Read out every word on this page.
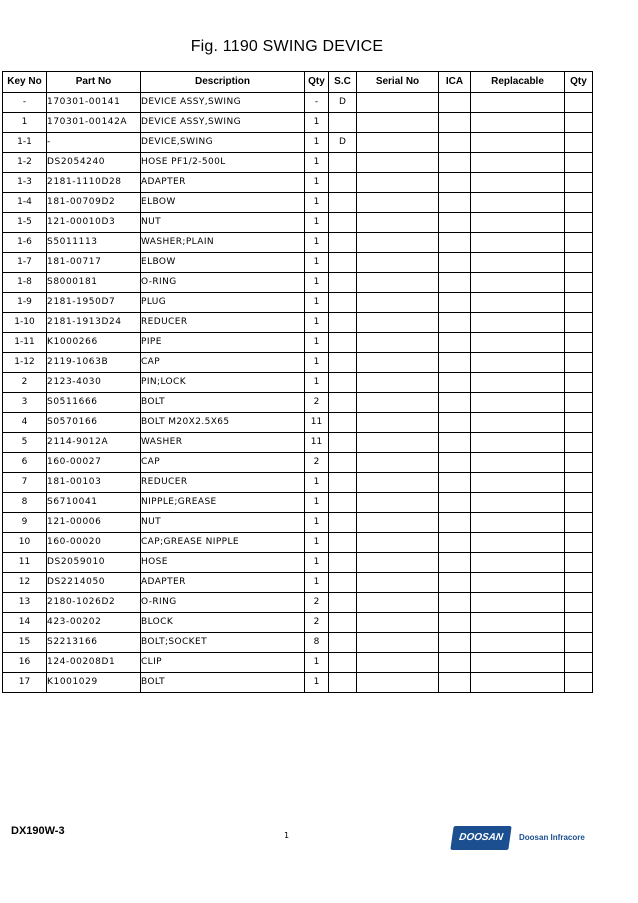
Fig. 1190 SWING DEVICE
Key No	Part No	Description	Qty	S.C	Serial No	ICA	Replacable	Qty
-	170301-00141	DEVICE ASSY,SWING	-	D				
1	170301-00142A	DEVICE ASSY,SWING	1					
1-1	-	DEVICE,SWING	1	D				
1-2	DS2054240	HOSE PF1/2-500L	1					
1-3	2181-1110D28	ADAPTER	1					
1-4	181-00709D2	ELBOW	1					
1-5	121-00010D3	NUT	1					
1-6	S5011113	WASHER;PLAIN	1					
1-7	181-00717	ELBOW	1					
1-8	S8000181	O-RING	1					
1-9	2181-1950D7	PLUG	1					
1-10	2181-1913D24	REDUCER	1					
1-11	K1000266	PIPE	1					
1-12	2119-1063B	CAP	1					
2	2123-4030	PIN;LOCK	1					
3	S0511666	BOLT	2					
4	S0570166	BOLT M20X2.5X65	11					
5	2114-9012A	WASHER	11					
6	160-00027	CAP	2					
7	181-00103	REDUCER	1					
8	S6710041	NIPPLE;GREASE	1					
9	121-00006	NUT	1					
10	160-00020	CAP;GREASE NIPPLE	1					
11	DS2059010	HOSE	1					
12	DS2214050	ADAPTER	1					
13	2180-1026D2	O-RING	2					
14	423-00202	BLOCK	2					
15	S2213166	BOLT;SOCKET	8					
16	124-00208D1	CLIP	1					
17	K1001029	BOLT	1					
DX190W-3	1	DOOSAN	Doosan Infracore
